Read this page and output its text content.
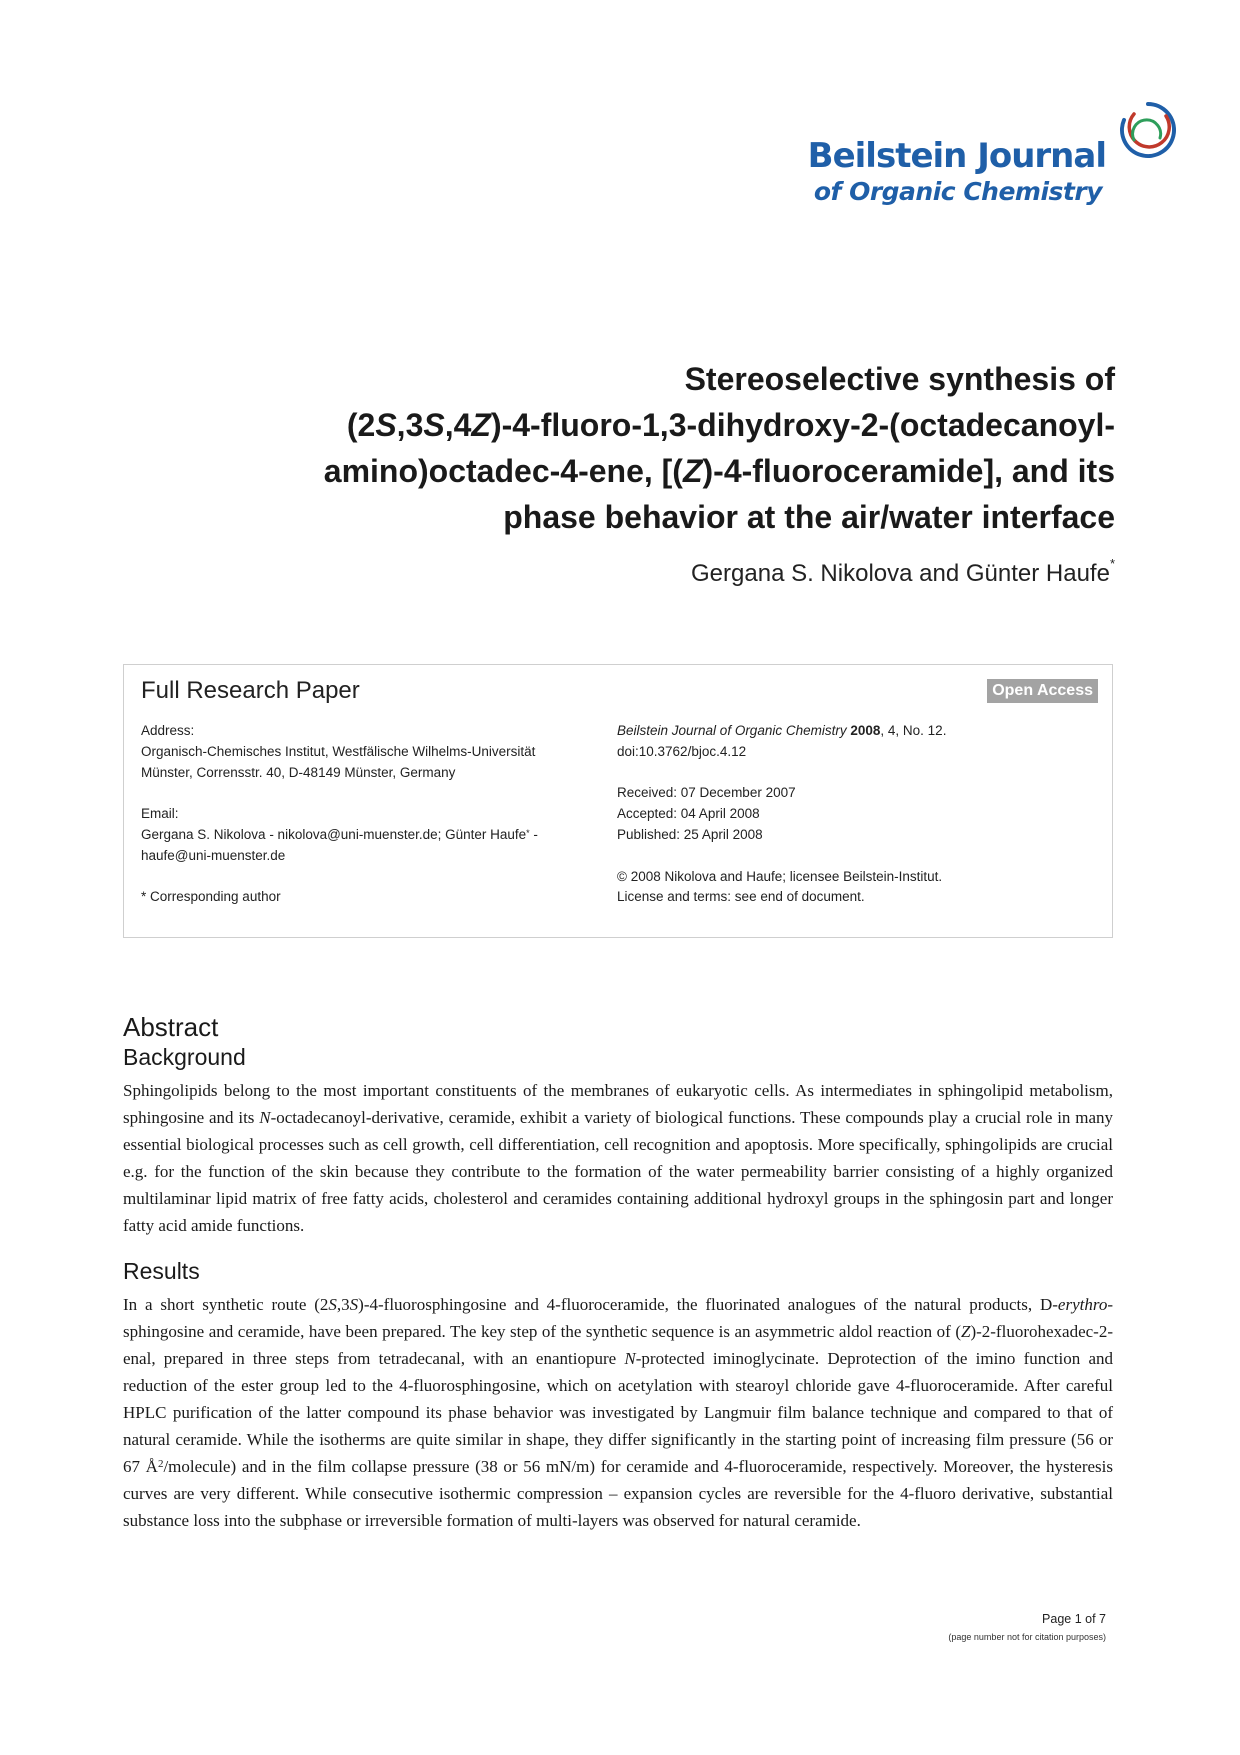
Beilstein Journal
of Organic Chemistry
Stereoselective synthesis of
(2S,3S,4Z)-4-fluoro-1,3-dihydroxy-2-(octadecanoyl-
amino)octadec-4-ene, [(Z)-4-fluoroceramide], and its
phase behavior at the air/water interface
Gergana S. Nikolova and Günter Haufe*
Full Research Paper	Open Access
Address:
Organisch-Chemisches Institut, Westfälische Wilhelms-Universität
Münster, Corrensstr. 40, D-48149 Münster, Germany
Email:
Gergana S. Nikolova - nikolova@uni-muenster.de; Günter Haufe* -
haufe@uni-muenster.de
* Corresponding author
Beilstein Journal of Organic Chemistry 2008, 4, No. 12.
doi:10.3762/bjoc.4.12
Received: 07 December 2007
Accepted: 04 April 2008
Published: 25 April 2008
© 2008 Nikolova and Haufe; licensee Beilstein-Institut.
License and terms: see end of document.
Abstract
Background
Sphingolipids belong to the most important constituents of the membranes of eukaryotic cells. As intermediates in sphingolipid metabolism, sphingosine and its N-octadecanoyl-derivative, ceramide, exhibit a variety of biological functions. These compounds play a crucial role in many essential biological processes such as cell growth, cell differentiation, cell recognition and apoptosis. More specifically, sphingolipids are crucial e.g. for the function of the skin because they contribute to the formation of the water permeability barrier consisting of a highly organized multilaminar lipid matrix of free fatty acids, cholesterol and ceramides containing additional hydroxyl groups in the sphingosin part and longer fatty acid amide functions.
Results
In a short synthetic route (2S,3S)-4-fluorosphingosine and 4-fluoroceramide, the fluorinated analogues of the natural products, D-erythro-sphingosine and ceramide, have been prepared. The key step of the synthetic sequence is an asymmetric aldol reaction of (Z)-2-fluorohexadec-2-enal, prepared in three steps from tetradecanal, with an enantiopure N-protected iminoglycinate. Deprotection of the imino function and reduction of the ester group led to the 4-fluorosphingosine, which on acetylation with stearoyl chloride gave 4-fluoroceramide. After careful HPLC purification of the latter compound its phase behavior was investigated by Langmuir film balance technique and compared to that of natural ceramide. While the isotherms are quite similar in shape, they differ significantly in the starting point of increasing film pressure (56 or 67 $Å^2/molecule$) and in the film collapse pressure (38 or 56 mN/m) for ceramide and 4-fluoroceramide, respectively. Moreover, the hysteresis curves are very different. While consecutive isothermic compression – expansion cycles are reversible for the 4-fluoro derivative, substantial substance loss into the subphase or irreversible formation of multi-layers was observed for natural ceramide.
Page 1 of 7
(page number not for citation purposes)
